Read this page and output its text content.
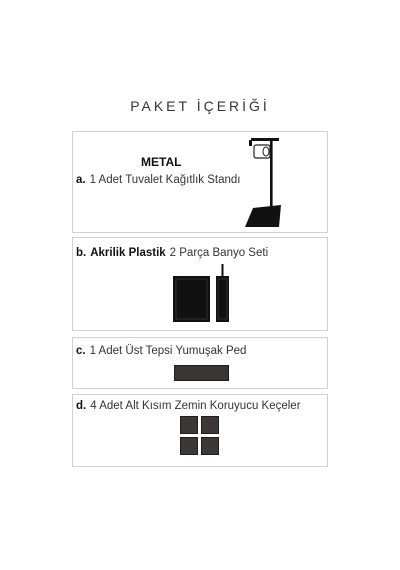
PAKET İÇERİĞİ
METAL
a. 1 Adet Tuvalet Kağıtlık Standı
b. Akrilik Plastik 2 Parça Banyo Seti
c. 1 Adet Üst Tepsi Yumuşak Ped
d. 4 Adet Alt Kısım Zemin Koruyucu Keçeler
